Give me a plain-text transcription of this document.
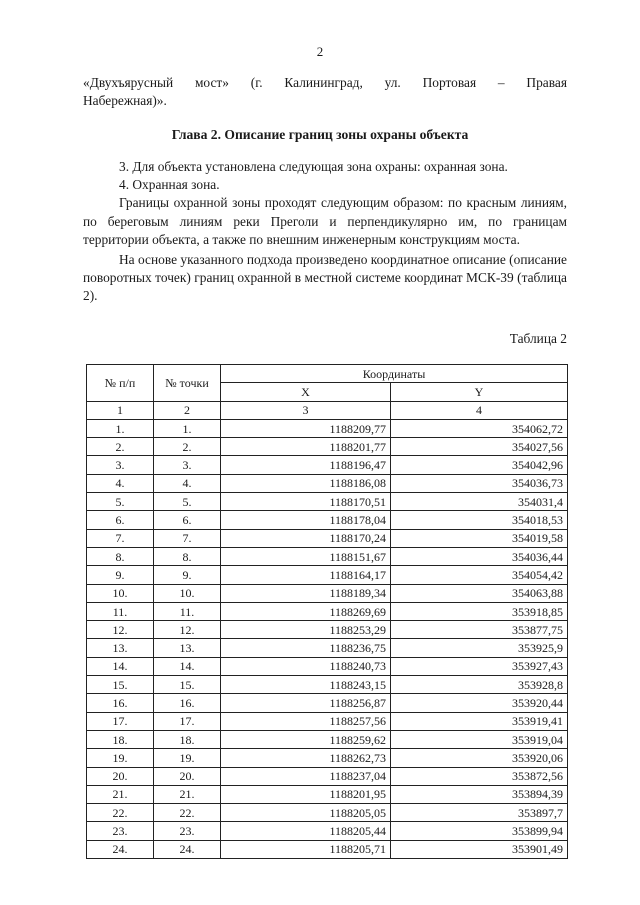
2
«Двухъярусный мост» (г. Калининград, ул. Портовая – Правая
Набережная)».
Глава 2. Описание границ зоны охраны объекта

3. Для объекта установлена следующая зона охраны: охранная зона.

4. Охранная зона.

Границы охранной зоны проходят следующим образом: по красным линиям, по береговым линиям реки Преголи и перпендикулярно им, по границам территории объекта, а также по внешним инженерным конструкциям моста.

На основе указанного подхода произведено координатное описание (описание поворотных точек) границ охранной в местной системе координат МСК-39 (таблица 2).

Таблица 2
№ п/п	№ точки	Координаты	
		X	Y
1	2	3	4
1.	1.	1188209,77	354062,72
2.	2.	1188201,77	354027,56
3.	3.	1188196,47	354042,96
4.	4.	1188186,08	354036,73
5.	5.	1188170,51	354031,4
6.	6.	1188178,04	354018,53
7.	7.	1188170,24	354019,58
8.	8.	1188151,67	354036,44
9.	9.	1188164,17	354054,42
10.	10.	1188189,34	354063,88
11.	11.	1188269,69	353918,85
12.	12.	1188253,29	353877,75
13.	13.	1188236,75	353925,9
14.	14.	1188240,73	353927,43
15.	15.	1188243,15	353928,8
16.	16.	1188256,87	353920,44
17.	17.	1188257,56	353919,41
18.	18.	1188259,62	353919,04
19.	19.	1188262,73	353920,06
20.	20.	1188237,04	353872,56
21.	21.	1188201,95	353894,39
22.	22.	1188205,05	353897,7
23.	23.	1188205,44	353899,94
24.	24.	1188205,71	353901,49
